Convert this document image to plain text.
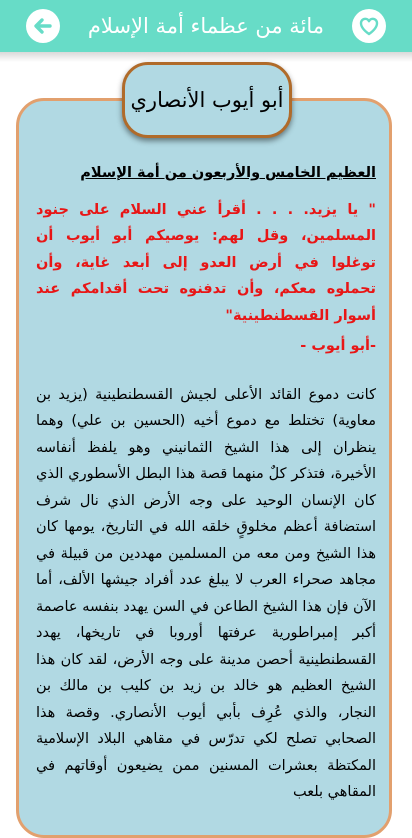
مائة من عظماء أمة الإسلام
أبو أيوب الأنصاري
العظيم الخامس والأربعون من أمة الإسلام
" يا يزيد. . . . أقرأ عني السلام على جنود المسلمين، وقل لهم: يوصيكم أبو أيوب أن توغلوا في أرض العدو إلى أبعد غاية، وأن تحملوه معكم، وأن تدفنوه تحت أقدامكم عند أسوار القسطنطينية"
-أبو أيوب -

كانت دموع القائد الأعلى لجيش القسطنطينية (يزيد بن معاوية) تختلط مع دموع أخيه (الحسين بن علي) وهما ينظران إلى هذا الشيخ الثمانيني وهو يلفظ أنفاسه الأخيرة، فتذكر كلٌ منهما قصة هذا البطل الأسطوري الذي كان الإنسان الوحيد على وجه الأرض الذي نال شرف استضافة أعظم مخلوقٍ خلقه الله في التاريخ، يومها كان هذا الشيخ ومن معه من المسلمين مهددين من قبيلة في مجاهد صحراء العرب لا يبلغ عدد أفراد جيشها الألف، أما الآن فإن هذا الشيخ الطاعن في السن يهدد بنفسه عاصمة أكبر إمبراطورية عرفتها أوروبا في تاريخها، يهدد القسطنطينية أحصن مدينة على وجه الأرض، لقد كان هذا الشيخ العظيم هو خالد بن زيد بن كليب بن مالك بن النجار، والذي عُرِف بأبي أيوب الأنصاري. وقصة هذا الصحابي تصلح لكي تدرّس في مقاهي البلاد الإسلامية المكتظة بعشرات المسنين ممن يضيعون أوقاتهم في المقاهي بلعب
